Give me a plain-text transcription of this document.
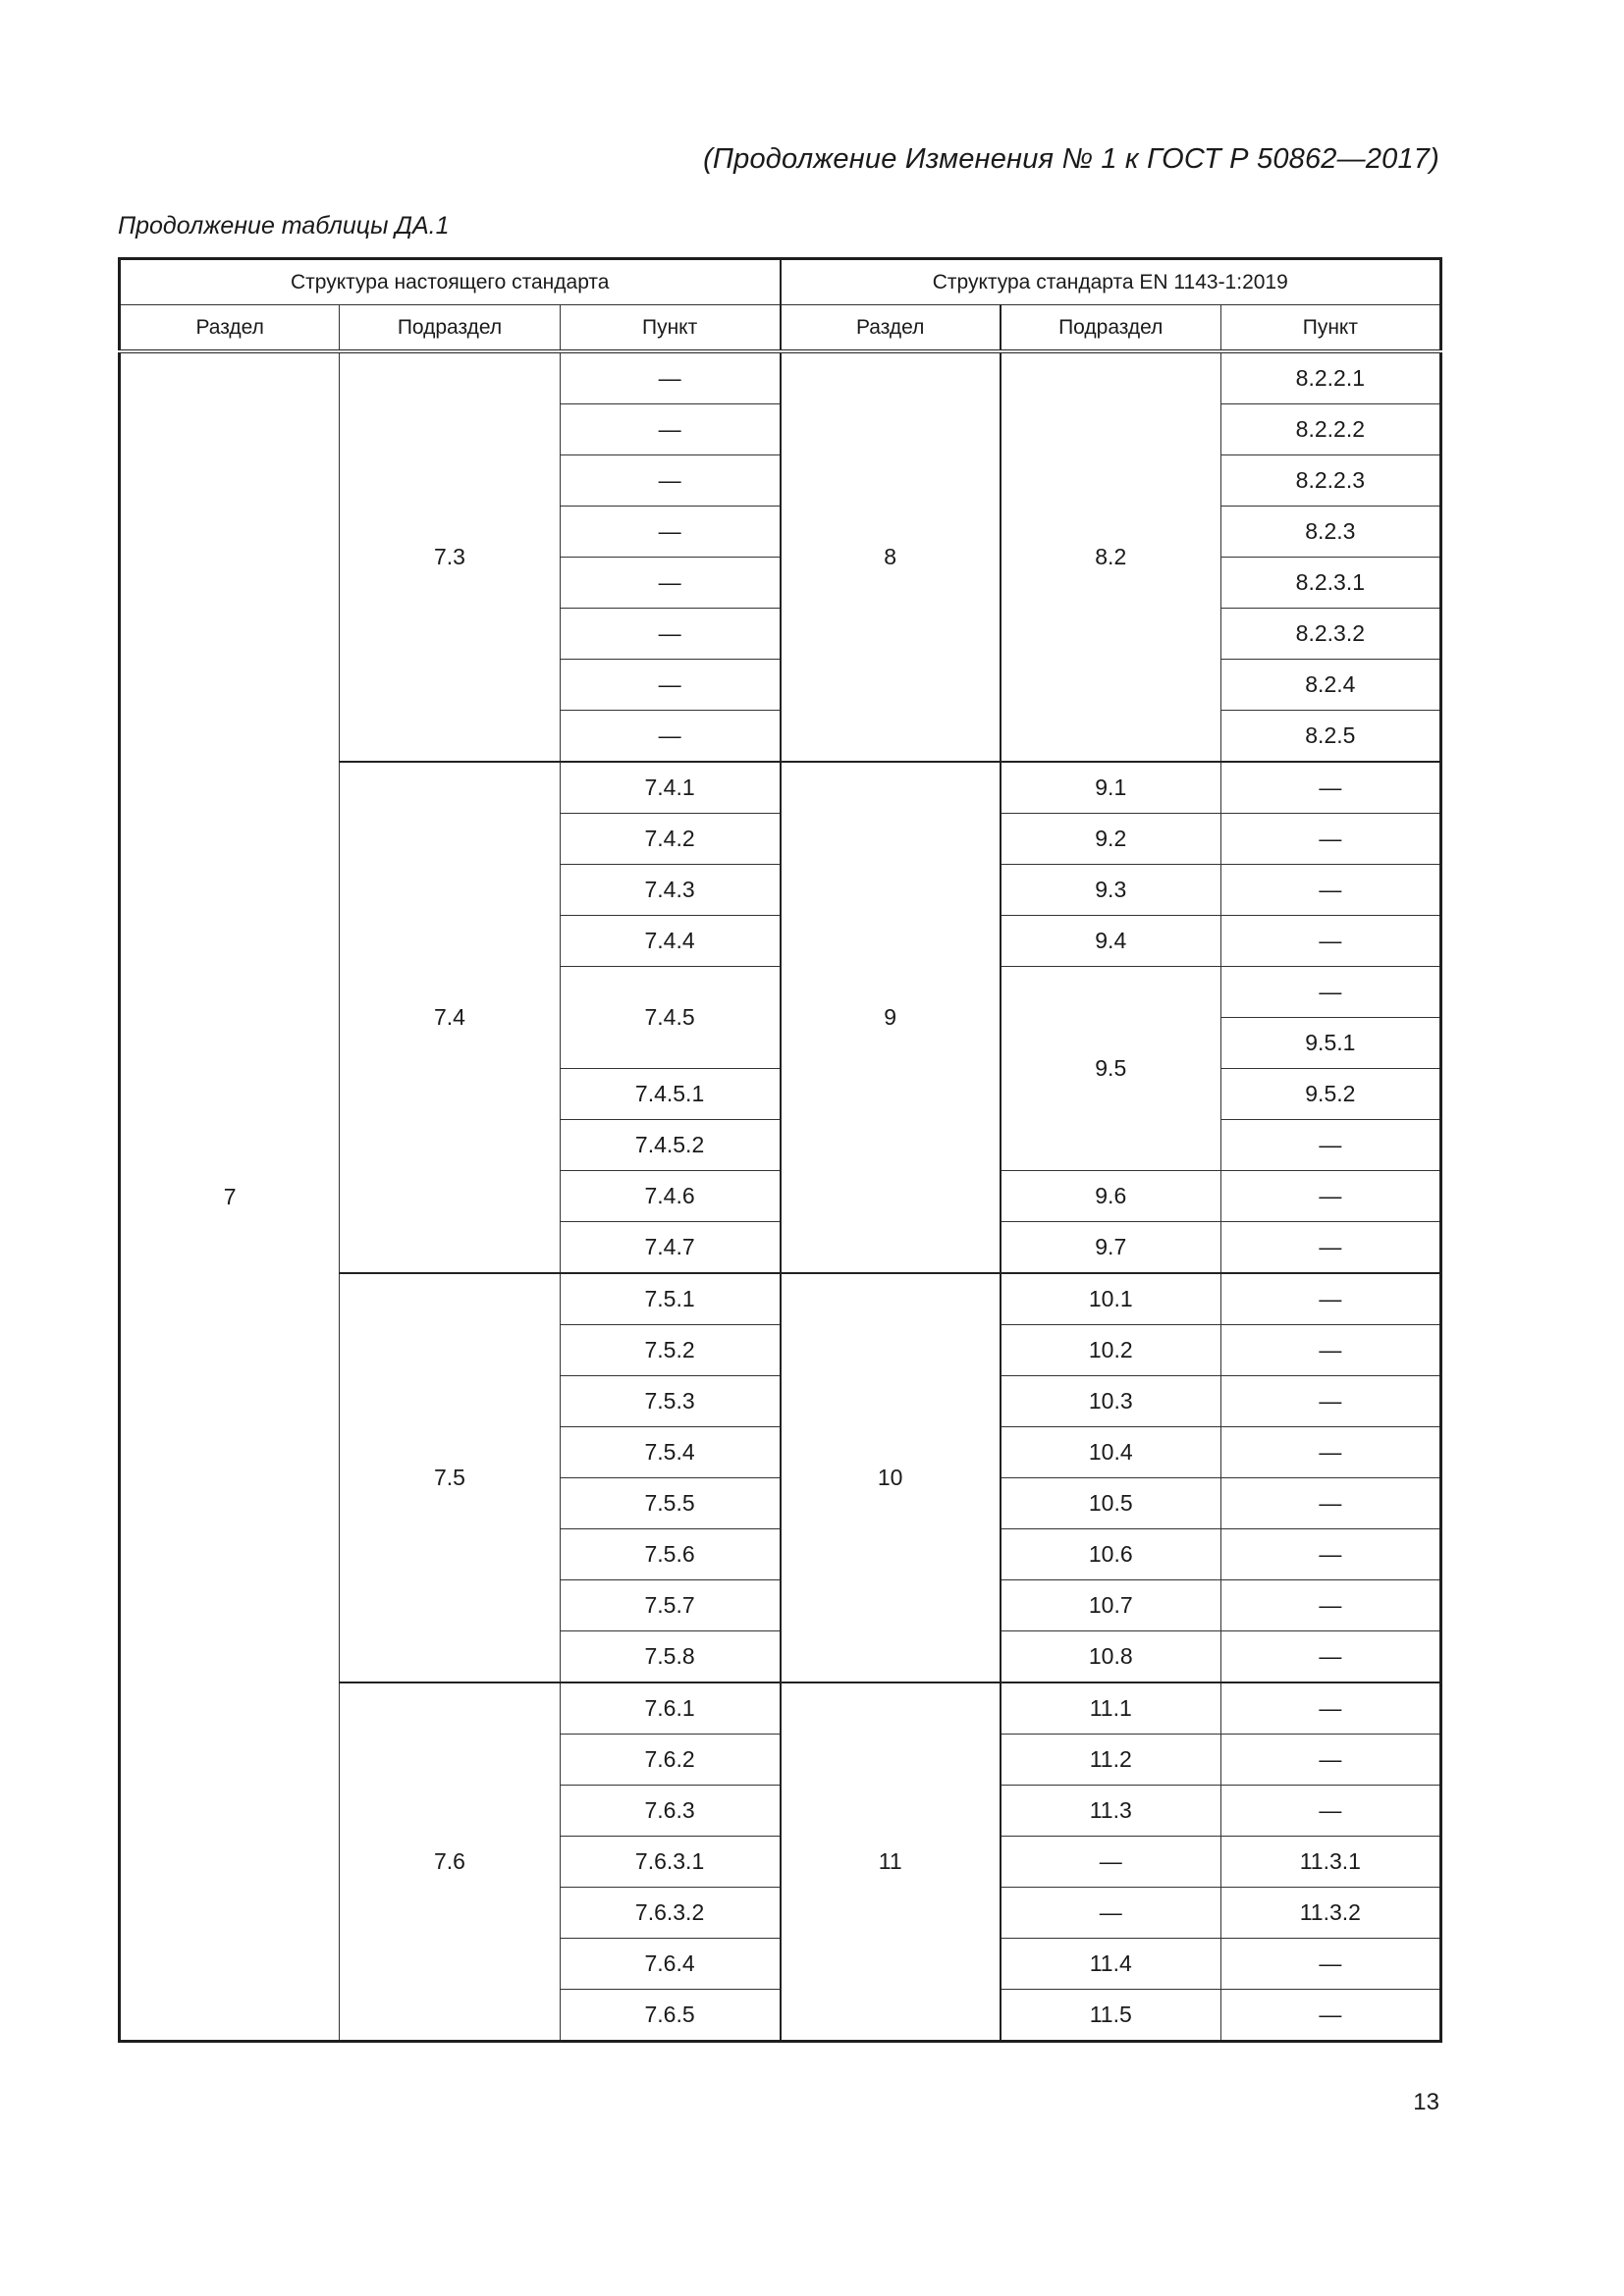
(Продолжение Изменения № 1 к ГОСТ Р 50862—2017)
Продолжение таблицы ДА.1
Структура настоящего стандарта			Структура стандарта EN 1143-1:2019		
Раздел	Подраздел	Пункт	Раздел	Подраздел	Пункт
7	7.3	—	8	8.2	8.2.2.1
		—			8.2.2.2
		—			8.2.2.3
		—			8.2.3
		—			8.2.3.1
		—			8.2.3.2
		—			8.2.4
		—			8.2.5
	7.4	7.4.1	9	9.1	—
		7.4.2		9.2	—
		7.4.3		9.3	—
		7.4.4		9.4	—
		7.4.5		9.5	—
					9.5.1
		7.4.5.1			9.5.2
		7.4.5.2			—
		7.4.6		9.6	—
		7.4.7		9.7	—
	7.5	7.5.1	10	10.1	—
		7.5.2		10.2	—
		7.5.3		10.3	—
		7.5.4		10.4	—
		7.5.5		10.5	—
		7.5.6		10.6	—
		7.5.7		10.7	—
		7.5.8		10.8	—
	7.6	7.6.1	11	11.1	—
		7.6.2		11.2	—
		7.6.3		11.3	—
		7.6.3.1		—	11.3.1
		7.6.3.2		—	11.3.2
		7.6.4		11.4	—
		7.6.5		11.5	—
13
